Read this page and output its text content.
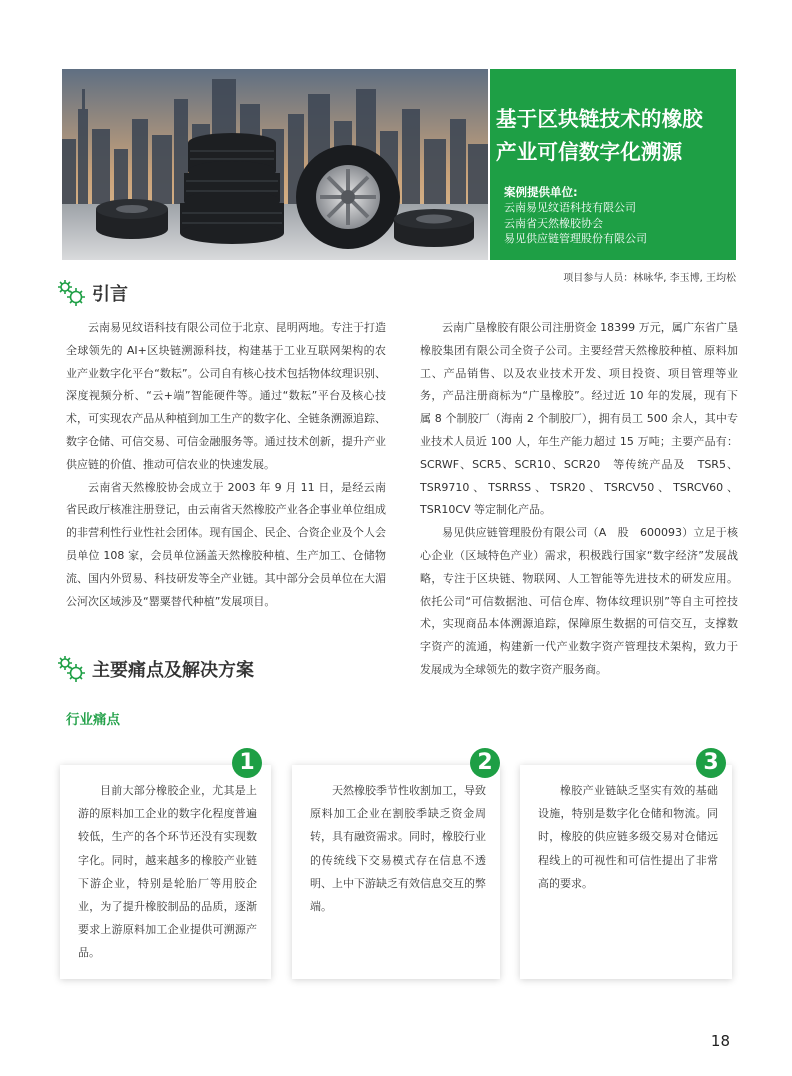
基于区块链技术的橡胶
产业可信数字化溯源
案例提供单位:
云南易见纹语科技有限公司
云南省天然橡胶协会
易见供应链管理股份有限公司
项目参与人员：林咏华, 李玉博, 王均松
引言

云南易见纹语科技有限公司位于北京、昆明两地。专注于打造全球领先的 AI+区块链溯源科技，构建基于工业互联网架构的农业产业数字化平台“数耘”。公司自有核心技术包括物体纹理识别、深度视频分析、“云+端”智能硬件等。通过“数耘”平台及核心技术，可实现农产品从种植到加工生产的数字化、全链条溯源追踪、数字仓储、可信交易、可信金融服务等。通过技术创新，提升产业供应链的价值、推动可信农业的快速发展。

云南省天然橡胶协会成立于 2003 年 9 月 11 日，是经云南省民政厅核准注册登记，由云南省天然橡胶产业各企事业单位组成的非营利性行业性社会团体。现有国企、民企、合资企业及个人会员单位 108 家，会员单位涵盖天然橡胶种植、生产加工、仓储物流、国内外贸易、科技研发等全产业链。其中部分会员单位在大湄公河次区域涉及“罂粟替代种植”发展项目。

云南广垦橡胶有限公司注册资金 18399 万元，属广东省广垦橡胶集团有限公司全资子公司。主要经营天然橡胶种植、原料加工、产品销售、以及农业技术开发、项目投资、项目管理等业务，产品注册商标为“广垦橡胶”。经过近 10 年的发展，现有下属 8 个制胶厂（海南 2 个制胶厂），拥有员工 500 余人，其中专业技术人员近 100 人，年生产能力超过 15 万吨；主要产品有：SCRWF、SCR5、SCR10、SCR20　等传统产品及　TSR5、TSR9710、TSRRSS、TSR20、TSRCV50、TSRCV60、TSR10CV 等定制化产品。

易见供应链管理股份有限公司（A　股　600093）立足于核心企业（区域特色产业）需求，积极践行国家“数字经济”发展战略，专注于区块链、物联网、人工智能等先进技术的研发应用。依托公司“可信数据池、可信仓库、物体纹理识别”等自主可控技术，实现商品本体溯源追踪，保障原生数据的可信交互，支撑数字资产的流通，构建新一代产业数字资产管理技术架构，致力于发展成为全球领先的数字资产服务商。

主要痛点及解决方案
行业痛点
目前大部分橡胶企业，尤其是上游的原料加工企业的数字化程度普遍较低，生产的各个环节还没有实现数字化。同时，越来越多的橡胶产业链下游企业，特别是轮胎厂等用胶企业，为了提升橡胶制品的品质，逐渐要求上游原料加工企业提供可溯源产品。
1
天然橡胶季节性收割加工，导致原料加工企业在割胶季缺乏资金周转，具有融资需求。同时，橡胶行业的传统线下交易模式存在信息不透明、上中下游缺乏有效信息交互的弊端。
2
橡胶产业链缺乏坚实有效的基础设施，特别是数字化仓储和物流。同时，橡胶的供应链多级交易对仓储远程线上的可视性和可信性提出了非常高的要求。
3
18
